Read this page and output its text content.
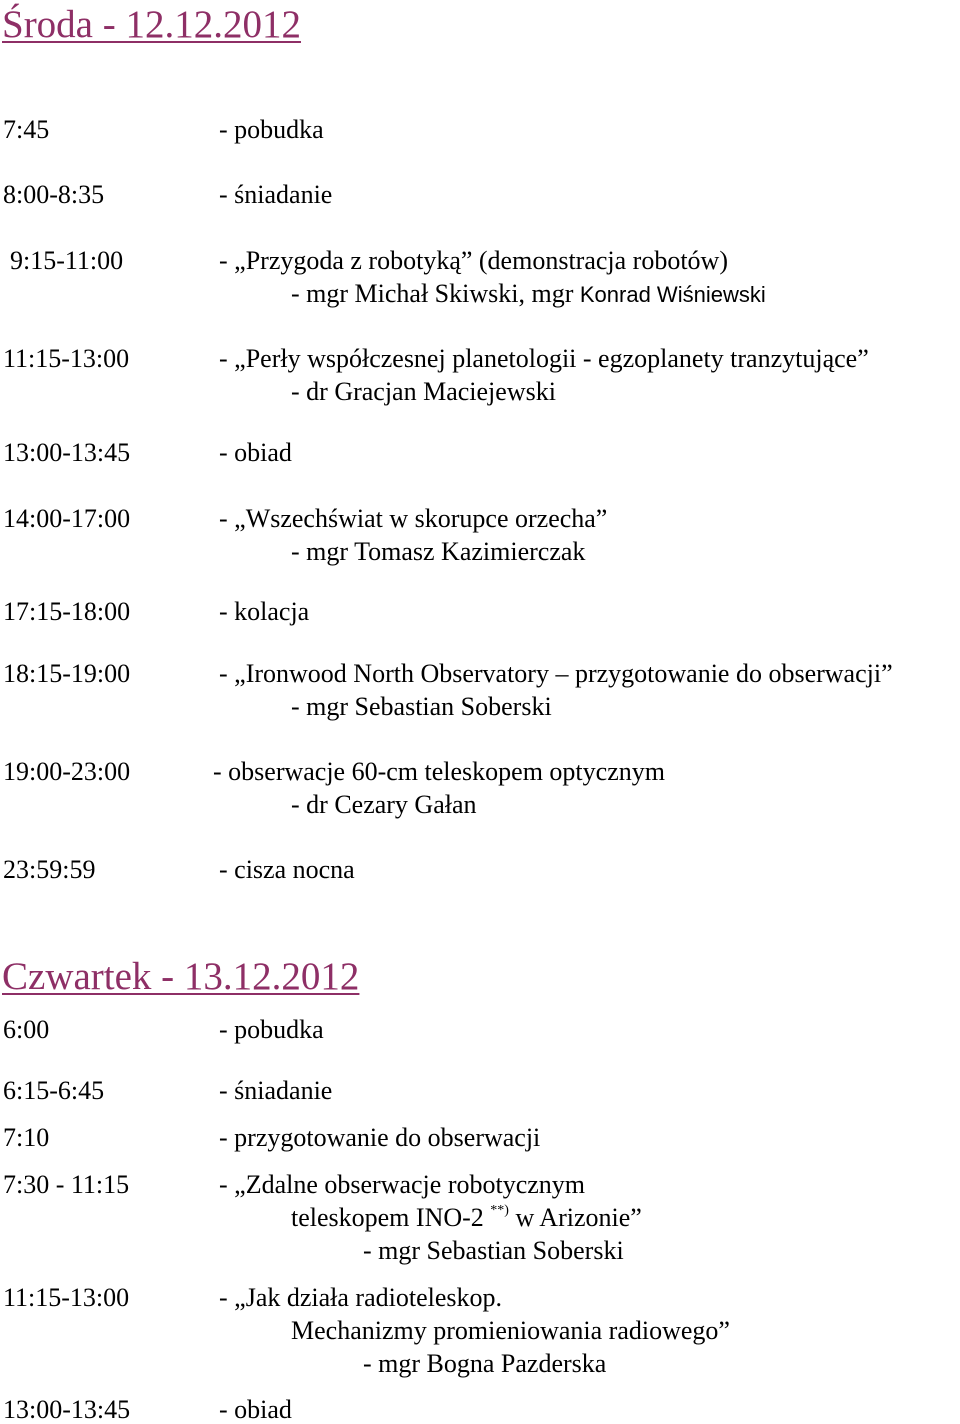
Środa - 12.12.2012
7:45	- pobudka
8:00-8:35	- śniadanie
9:15-11:00	- „Przygoda z robotyką” (demonstracja robotów)
- mgr Michał Skiwski, mgr Konrad Wiśniewski
11:15-13:00	- „Perły współczesnej planetologii - egzoplanety tranzytujące”
- dr Gracjan Maciejewski
13:00-13:45	- obiad
14:00-17:00	- „Wszechświat w skorupce orzecha”
- mgr Tomasz Kazimierczak
17:15-18:00	- kolacja
18:15-19:00	- „Ironwood North Observatory – przygotowanie do obserwacji”
- mgr Sebastian Soberski
19:00-23:00	- obserwacje 60-cm teleskopem optycznym
- dr Cezary Gałan
23:59:59	- cisza nocna
Czwartek - 13.12.2012
6:00	- pobudka
6:15-6:45	- śniadanie
7:10	- przygotowanie do obserwacji
7:30 - 11:15	- „Zdalne obserwacje robotycznym
teleskopem INO-2 **) w Arizonie”
- mgr Sebastian Soberski
11:15-13:00	- „Jak działa radioteleskop.
Mechanizmy promieniowania radiowego”
- mgr Bogna Pazderska
13:00-13:45	- obiad
